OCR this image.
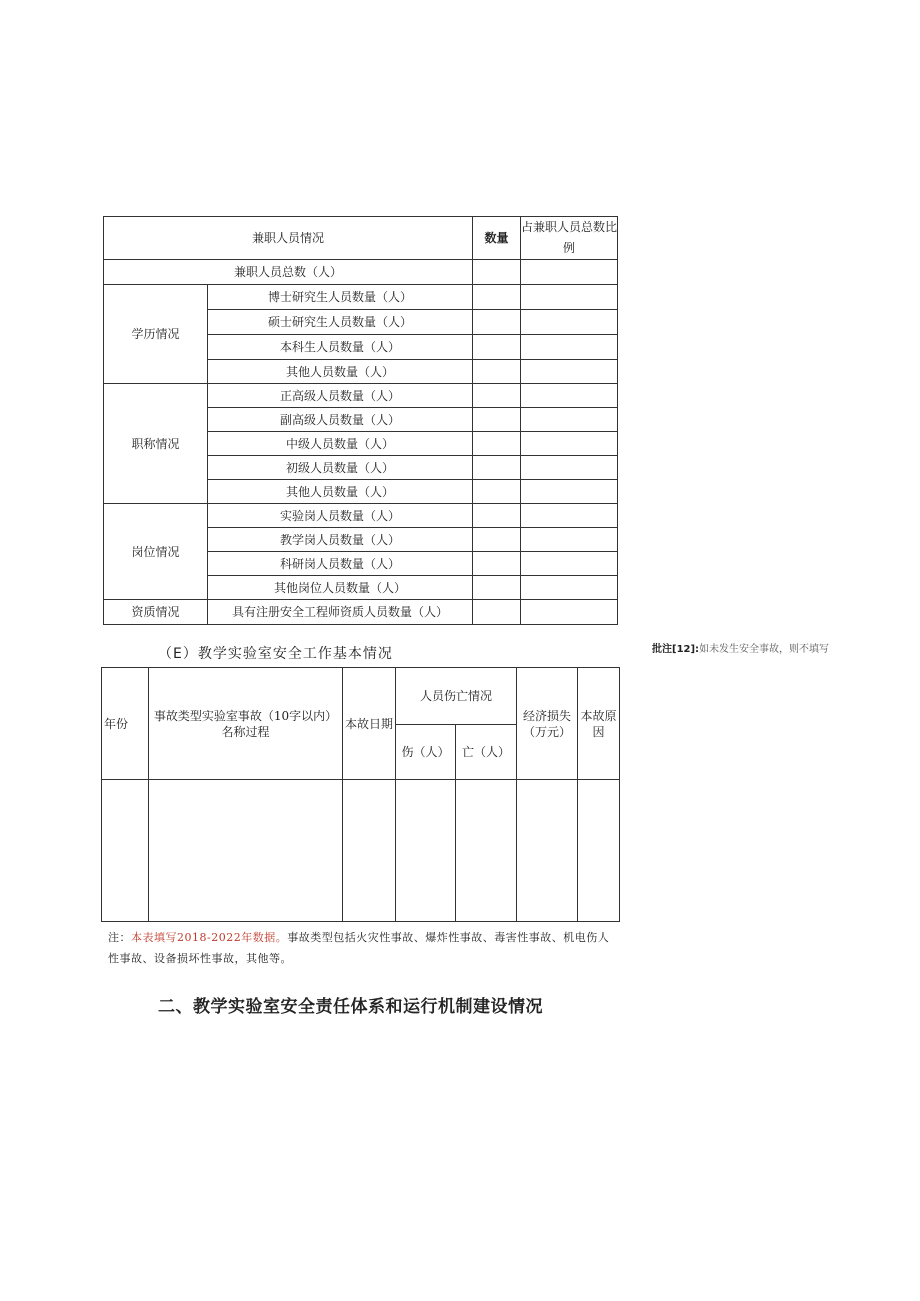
兼职人员情况		数量	占兼职人员总数比例
兼职人员总数（人）			
学历情况	博士研究生人员数量（人）		
	硕士研究生人员数量（人）		
	本科生人员数量（人）		
	其他人员数量（人）		
职称情况	正高级人员数量（人）		
	副高级人员数量（人）		
	中级人员数量（人）		
	初级人员数量（人）		
	其他人员数量（人）		
岗位情况	实验岗人员数量（人）		
	教学岗人员数量（人）		
	科研岗人员数量（人）		
	其他岗位人员数量（人）		
资质情况	具有注册安全工程师资质人员数量（人）		
（E）教学实验室安全工作基本情况	批注[12]:如未发生安全事故，则不填写
年份	事故类型实验室事故（10字以内）名称过程	本故日期	人员伤亡情况		经济损失（万元）	本故原因
			伤（人）	亡（人）		

注：本表填写2018-2022年数据。事故类型包括火灾性事故、爆炸性事故、毒害性事故、机电伤人性事故、设备损坏性事故，其他等。
二、教学实验室安全责任体系和运行机制建设情况
